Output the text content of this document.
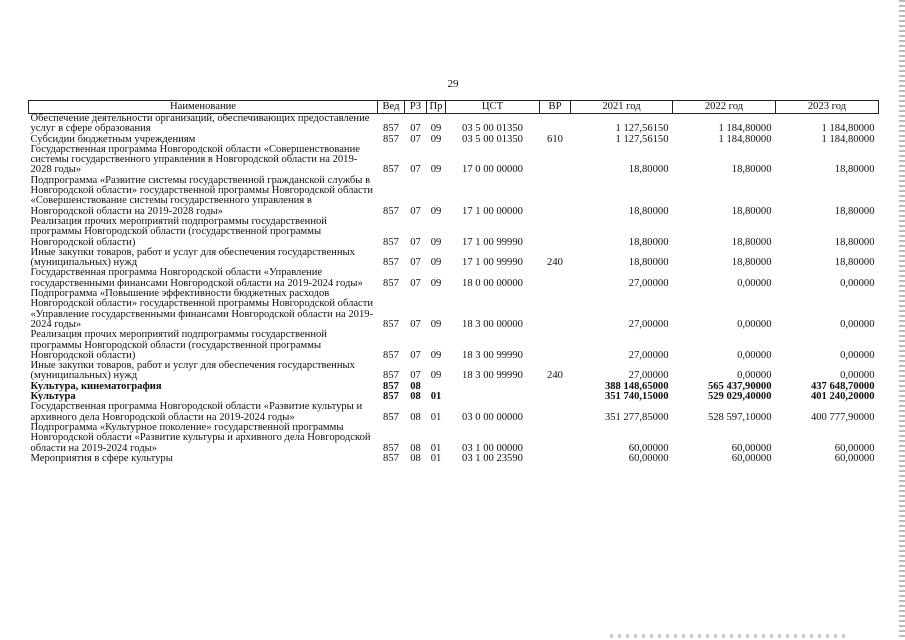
29
Наименование	Вед	РЗ	Пр	ЦСТ	ВР	2021 год	2022 год	2023 год
Обеспечение деятельности организаций, обеспечивающих предоставление услуг в сфере образования	857	07	09	03 5 00 01350		1 127,56150	1 184,80000	1 184,80000
Субсидии бюджетным учреждениям	857	07	09	03 5 00 01350	610	1 127,56150	1 184,80000	1 184,80000
Государственная программа Новгородской области «Совершенствование системы государственного управления в Новгородской области на 2019-2028 годы»	857	07	09	17 0 00 00000		18,80000	18,80000	18,80000
Подпрограмма «Развитие системы государственной гражданской службы в Новгородской области» государственной программы Новгородской области «Совершенствование системы государственного управления в Новгородской области на 2019-2028 годы»	857	07	09	17 1 00 00000		18,80000	18,80000	18,80000
Реализация прочих мероприятий подпрограммы государственной программы Новгородской области (государственной программы Новгородской области)	857	07	09	17 1 00 99990		18,80000	18,80000	18,80000
Иные закупки товаров, работ и услуг для обеспечения государственных (муниципальных) нужд	857	07	09	17 1 00 99990	240	18,80000	18,80000	18,80000
Государственная программа Новгородской области «Управление государственными финансами Новгородской области на 2019-2024 годы»	857	07	09	18 0 00 00000		27,00000	0,00000	0,00000
Подпрограмма «Повышение эффективности бюджетных расходов Новгородской области» государственной программы Новгородской области «Управление государственными финансами Новгородской области на 2019-2024 годы»	857	07	09	18 3 00 00000		27,00000	0,00000	0,00000
Реализация прочих мероприятий подпрограммы государственной программы Новгородской области (государственной программы Новгородской области)	857	07	09	18 3 00 99990		27,00000	0,00000	0,00000
Иные закупки товаров, работ и услуг для обеспечения государственных (муниципальных) нужд	857	07	09	18 3 00 99990	240	27,00000	0,00000	0,00000
Культура, кинематография	857	08				388 148,65000	565 437,90000	437 648,70000
Культура	857	08	01			351 740,15000	529 029,40000	401 240,20000
Государственная программа Новгородской области «Развитие культуры и архивного дела Новгородской области на 2019-2024 годы»	857	08	01	03 0 00 00000		351 277,85000	528 597,10000	400 777,90000
Подпрограмма «Культурное поколение» государственной программы Новгородской области «Развитие культуры и архивного дела Новгородской области на 2019-2024 годы»	857	08	01	03 1 00 00000		60,00000	60,00000	60,00000
Мероприятия в сфере культуры	857	08	01	03 1 00 23590		60,00000	60,00000	60,00000
